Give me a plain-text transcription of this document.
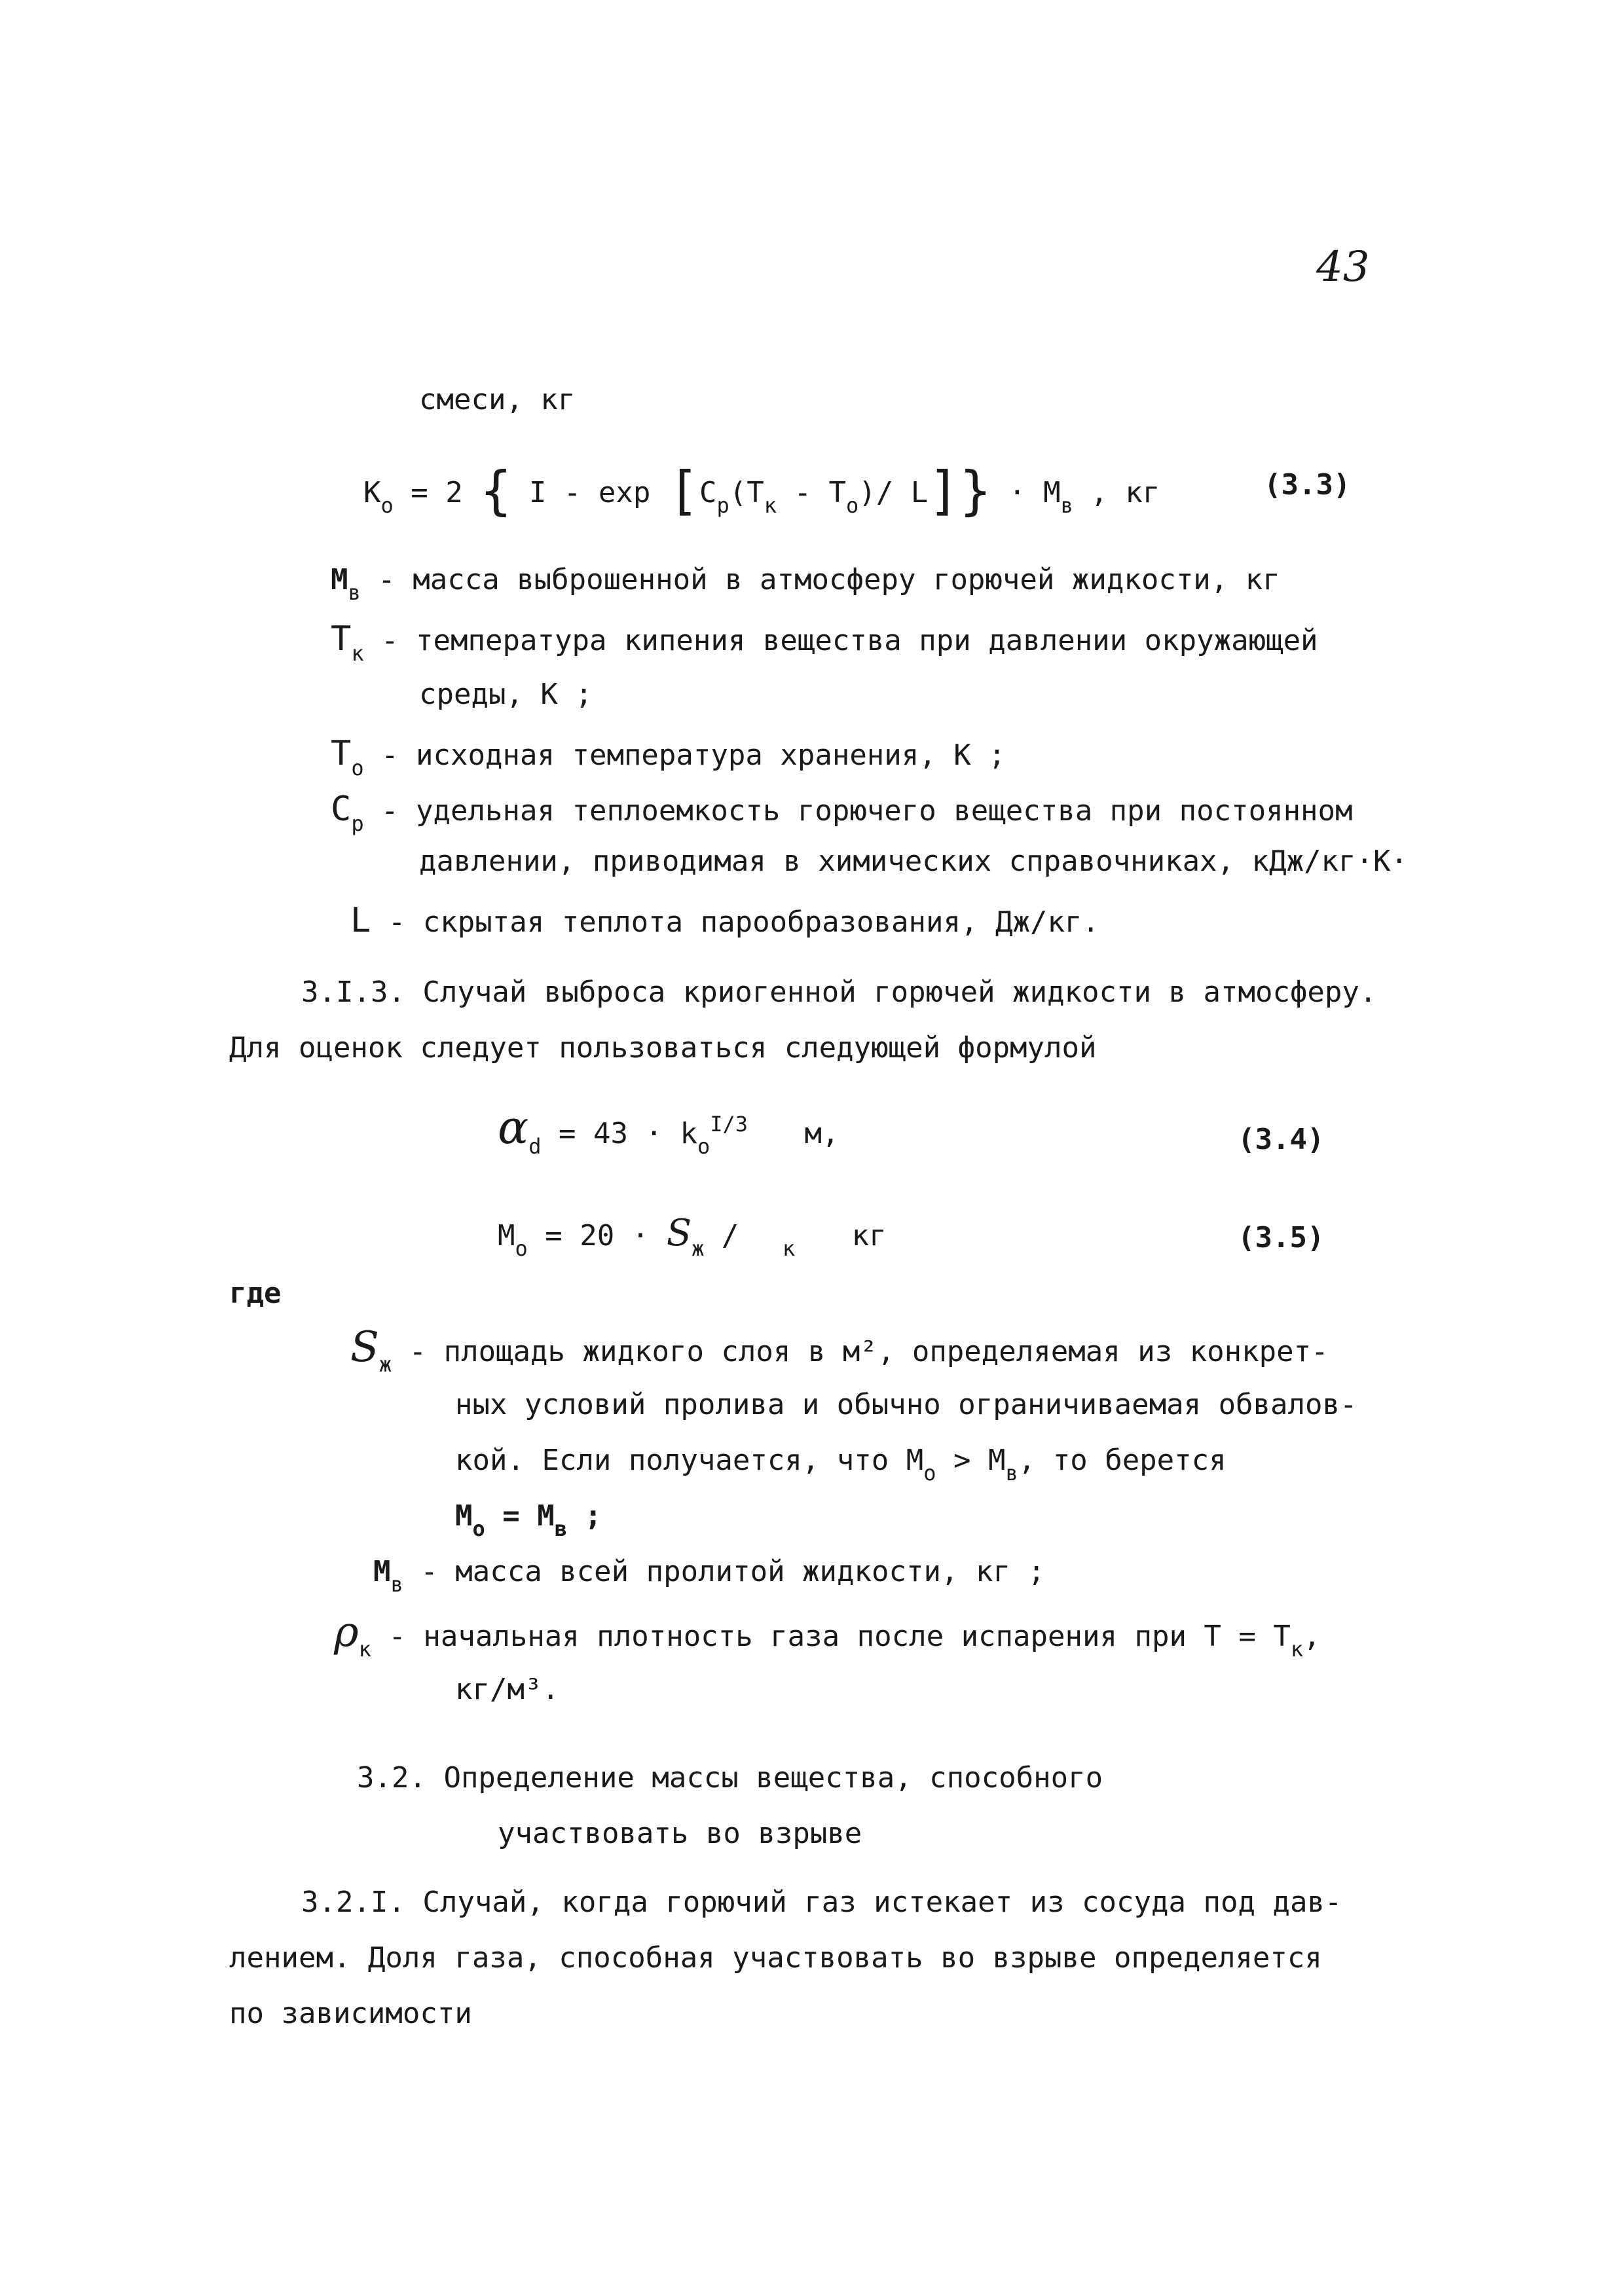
43
смеси, кг
$К_о = 2$ { I - $\exp [C_p(T_к - T_о)/$ $L]\} \cdot M_в$ , кг	(3.3)
$M_в$ - масса выброшенной в атмосферу горючей жидкости, кг
$T_к$ - температура кипения вещества при давлении окружающей
среды, К ;
$T_о$ - исходная температура хранения, К ;
$C_p$ - удельная теплоемкость горючего вещества при постоянном
давлении, приводимая в химических справочниках, кДж/кг·К·
L - скрытая теплота парообразования, Дж/кг.
3.I.3. Случай выброса криогенной горючей жидкости в атмосферу.
Для оценок следует пользоваться следующей формулой
$\alpha_d = 43 \cdot k_о^{I/3}$ м,	(3.4)
$M_о = 20 \cdot S_ж / _к$ кг	(3.5)
где
$S_ж$ - площадь жидкого слоя в м², определяемая из конкрет-
ных условий пролива и обычно ограничиваемая обвалов-
кой. Если получается, что $M_о > M_в$, то берется
$M_о = M_в$ ;
$M_в$ - масса всей пролитой жидкости, кг ;
$\rho_к$ - начальная плотность газа после испарения при $T = T_к$,
кг/м³.
3.2. Определение массы вещества, способного
участвовать во взрыве
3.2.I. Случай, когда горючий газ истекает из сосуда под дав-
лением. Доля газа, способная участвовать во взрыве определяется
по зависимости
